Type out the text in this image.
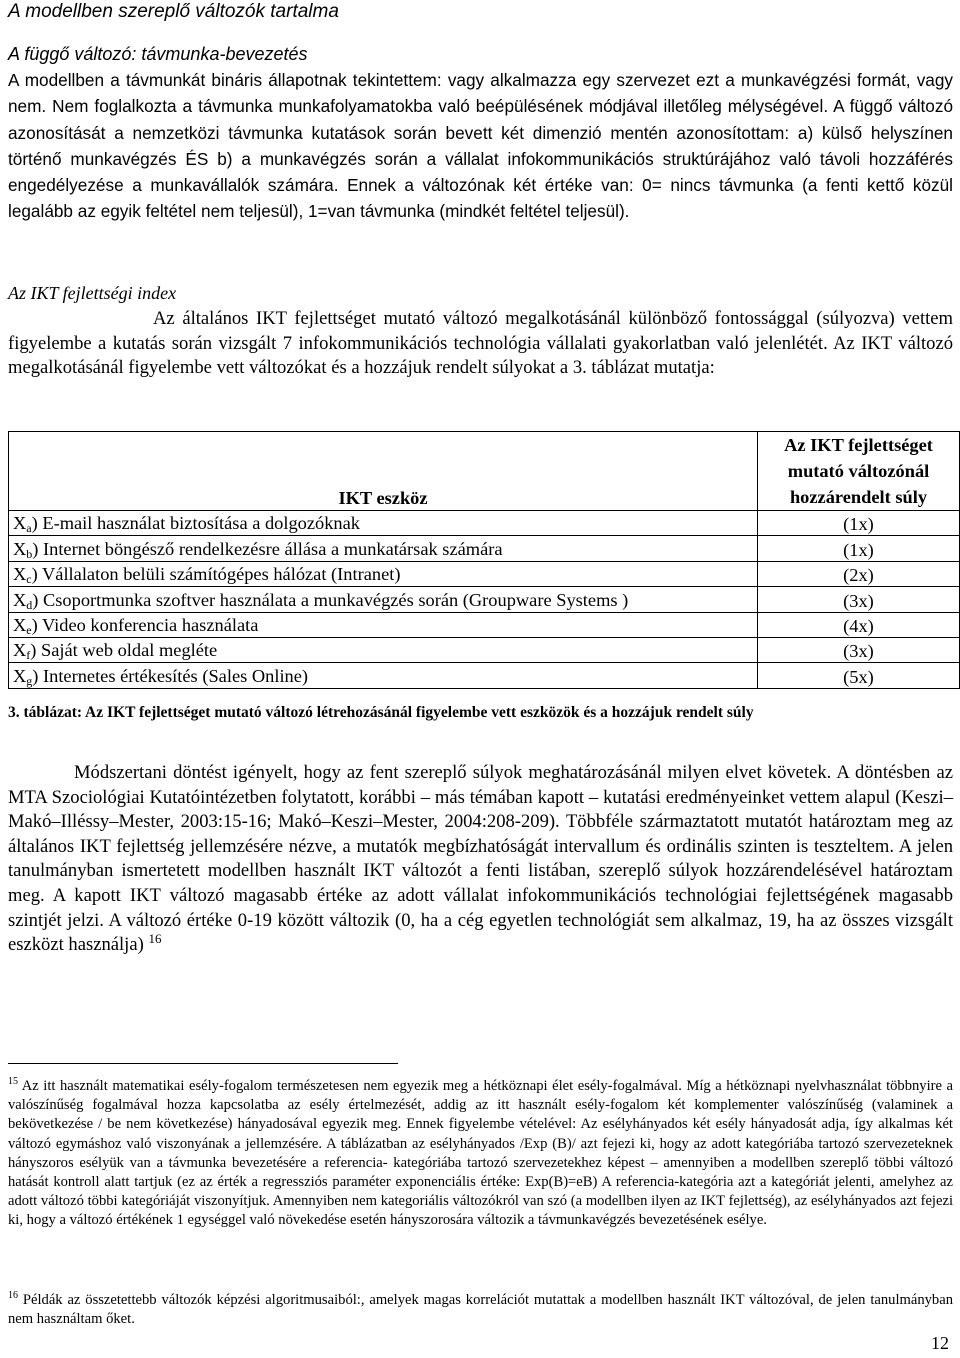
A modellben szereplő változók tartalma
A függő változó: távmunka-bevezetés

A modellben a távmunkát bináris állapotnak tekintettem: vagy alkalmazza egy szervezet ezt a munkavégzési formát, vagy nem. Nem foglalkozta a távmunka munkafolyamatokba való beépülésének módjával illetőleg mélységével. A függő változó azonosítását a nemzetközi távmunka kutatások során bevett két dimenzió mentén azonosítottam: a) külső helyszínen történő munkavégzés ÉS b) a munkavégzés során a vállalat infokommunikációs struktúrájához való távoli hozzáférés engedélyezése a munkavállalók számára. Ennek a változónak két értéke van: 0= nincs távmunka (a fenti kettő közül legalább az egyik feltétel nem teljesül), 1=van távmunka (mindkét feltétel teljesül).

Az IKT fejlettségi index

Az általános IKT fejlettséget mutató változó megalkotásánál különböző fontossággal (súlyozva) vettem figyelembe a kutatás során vizsgált 7 infokommunikációs technológia vállalati gyakorlatban való jelenlétét. Az IKT változó megalkotásánál figyelembe vett változókat és a hozzájuk rendelt súlyokat a 3. táblázat mutatja:

IKT eszköz	Az IKT fejlettséget mutató változónál hozzárendelt súly
$X_a$) E-mail használat biztosítása a dolgozóknak	(1x)
$X_b$) Internet böngésző rendelkezésre állása a munkatársak számára	(1x)
$X_c$) Vállalaton belüli számítógépes hálózat (Intranet)	(2x)
$X_d$) Csoportmunka szoftver használata a munkavégzés során (Groupware Systems )	(3x)
$X_e$) Video konferencia használata	(4x)
$X_f$) Saját web oldal megléte	(3x)
$X_g$) Internetes értékesítés (Sales Online)	(5x)
3. táblázat: Az IKT fejlettséget mutató változó létrehozásánál figyelembe vett eszközök és a hozzájuk rendelt súly

Módszertani döntést igényelt, hogy az fent szereplő súlyok meghatározásánál milyen elvet követek. A döntésben az MTA Szociológiai Kutatóintézetben folytatott, korábbi – más témában kapott – kutatási eredményeinket vettem alapul (Keszi–Makó–Illéssy–Mester, 2003:15-16; Makó–Keszi–Mester, 2004:208-209). Többféle származtatott mutatót határoztam meg az általános IKT fejlettség jellemzésére nézve, a mutatók megbízhatóságát intervallum és ordinális szinten is teszteltem. A jelen tanulmányban ismertetett modellben használt IKT változót a fenti listában, szereplő súlyok hozzárendelésével határoztam meg. A kapott IKT változó magasabb értéke az adott vállalat infokommunikációs technológiai fejlettségének magasabb szintjét jelzi. A változó értéke 0-19 között változik (0, ha a cég egyetlen technológiát sem alkalmaz, 19, ha az összes vizsgált eszközt használja) $^{16}$

$^{15}$ Az itt használt matematikai esély-fogalom természetesen nem egyezik meg a hétköznapi élet esély-fogalmával. Míg a hétköznapi nyelvhasználat többnyire a valószínűség fogalmával hozza kapcsolatba az esély értelmezését, addig az itt használt esély-fogalom két komplementer valószínűség (valaminek a bekövetkezése / be nem következése) hányadosával egyezik meg. Ennek figyelembe vételével: Az esélyhányados két esély hányadosát adja, így alkalmas két változó egymáshoz való viszonyának a jellemzésére. A táblázatban az esélyhányados /Exp (B)/ azt fejezi ki, hogy az adott kategóriába tartozó szervezeteknek hányszoros esélyük van a távmunka bevezetésére a referencia- kategóriába tartozó szervezetekhez képest – amennyiben a modellben szereplő többi változó hatását kontroll alatt tartjuk (ez az érték a regressziós paraméter exponenciális értéke: Exp(B)=eB) A referencia-kategória azt a kategóriát jelenti, amelyhez az adott változó többi kategóriáját viszonyítjuk. Amennyiben nem kategoriális változókról van szó (a modellben ilyen az IKT fejlettség), az esélyhányados azt fejezi ki, hogy a változó értékének 1 egységgel való növekedése esetén hányszorosára változik a távmunkavégzés bevezetésének esélye.

$^{16}$ Példák az összetettebb változók képzési algoritmusaiból:, amelyek magas korrelációt mutattak a modellben használt IKT változóval, de jelen tanulmányban nem használtam őket.

12
